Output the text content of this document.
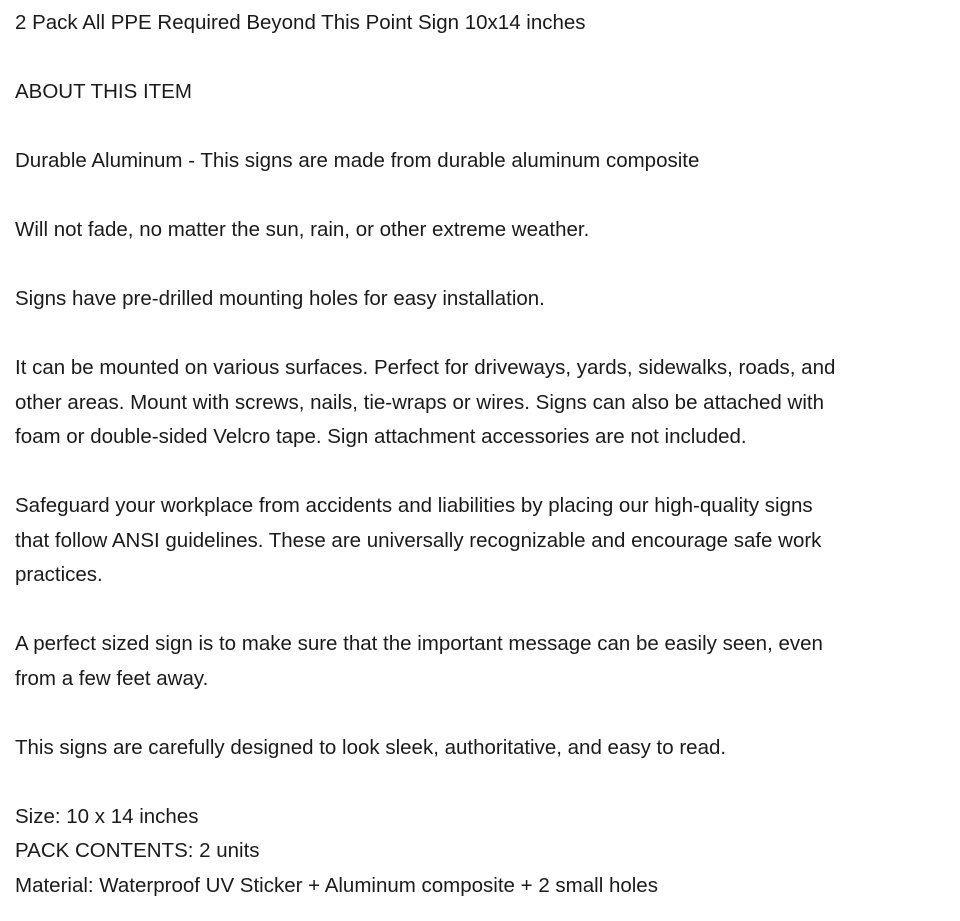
2 Pack All PPE Required Beyond This Point Sign 10x14 inches
ABOUT THIS ITEM
Durable Aluminum - This signs are made from durable aluminum composite
Will not fade, no matter the sun, rain, or other extreme weather.
Signs have pre-drilled mounting holes for easy installation.
It can be mounted on various surfaces. Perfect for driveways, yards, sidewalks, roads, and
other areas. Mount with screws, nails, tie-wraps or wires. Signs can also be attached with
foam or double-sided Velcro tape. Sign attachment accessories are not included.
Safeguard your workplace from accidents and liabilities by placing our high-quality signs
that follow ANSI guidelines. These are universally recognizable and encourage safe work
practices.
A perfect sized sign is to make sure that the important message can be easily seen, even
from a few feet away.
This signs are carefully designed to look sleek, authoritative, and easy to read.
Size: 10 x 14 inches
PACK CONTENTS: 2 units
Material: Waterproof UV Sticker + Aluminum composite + 2 small holes
